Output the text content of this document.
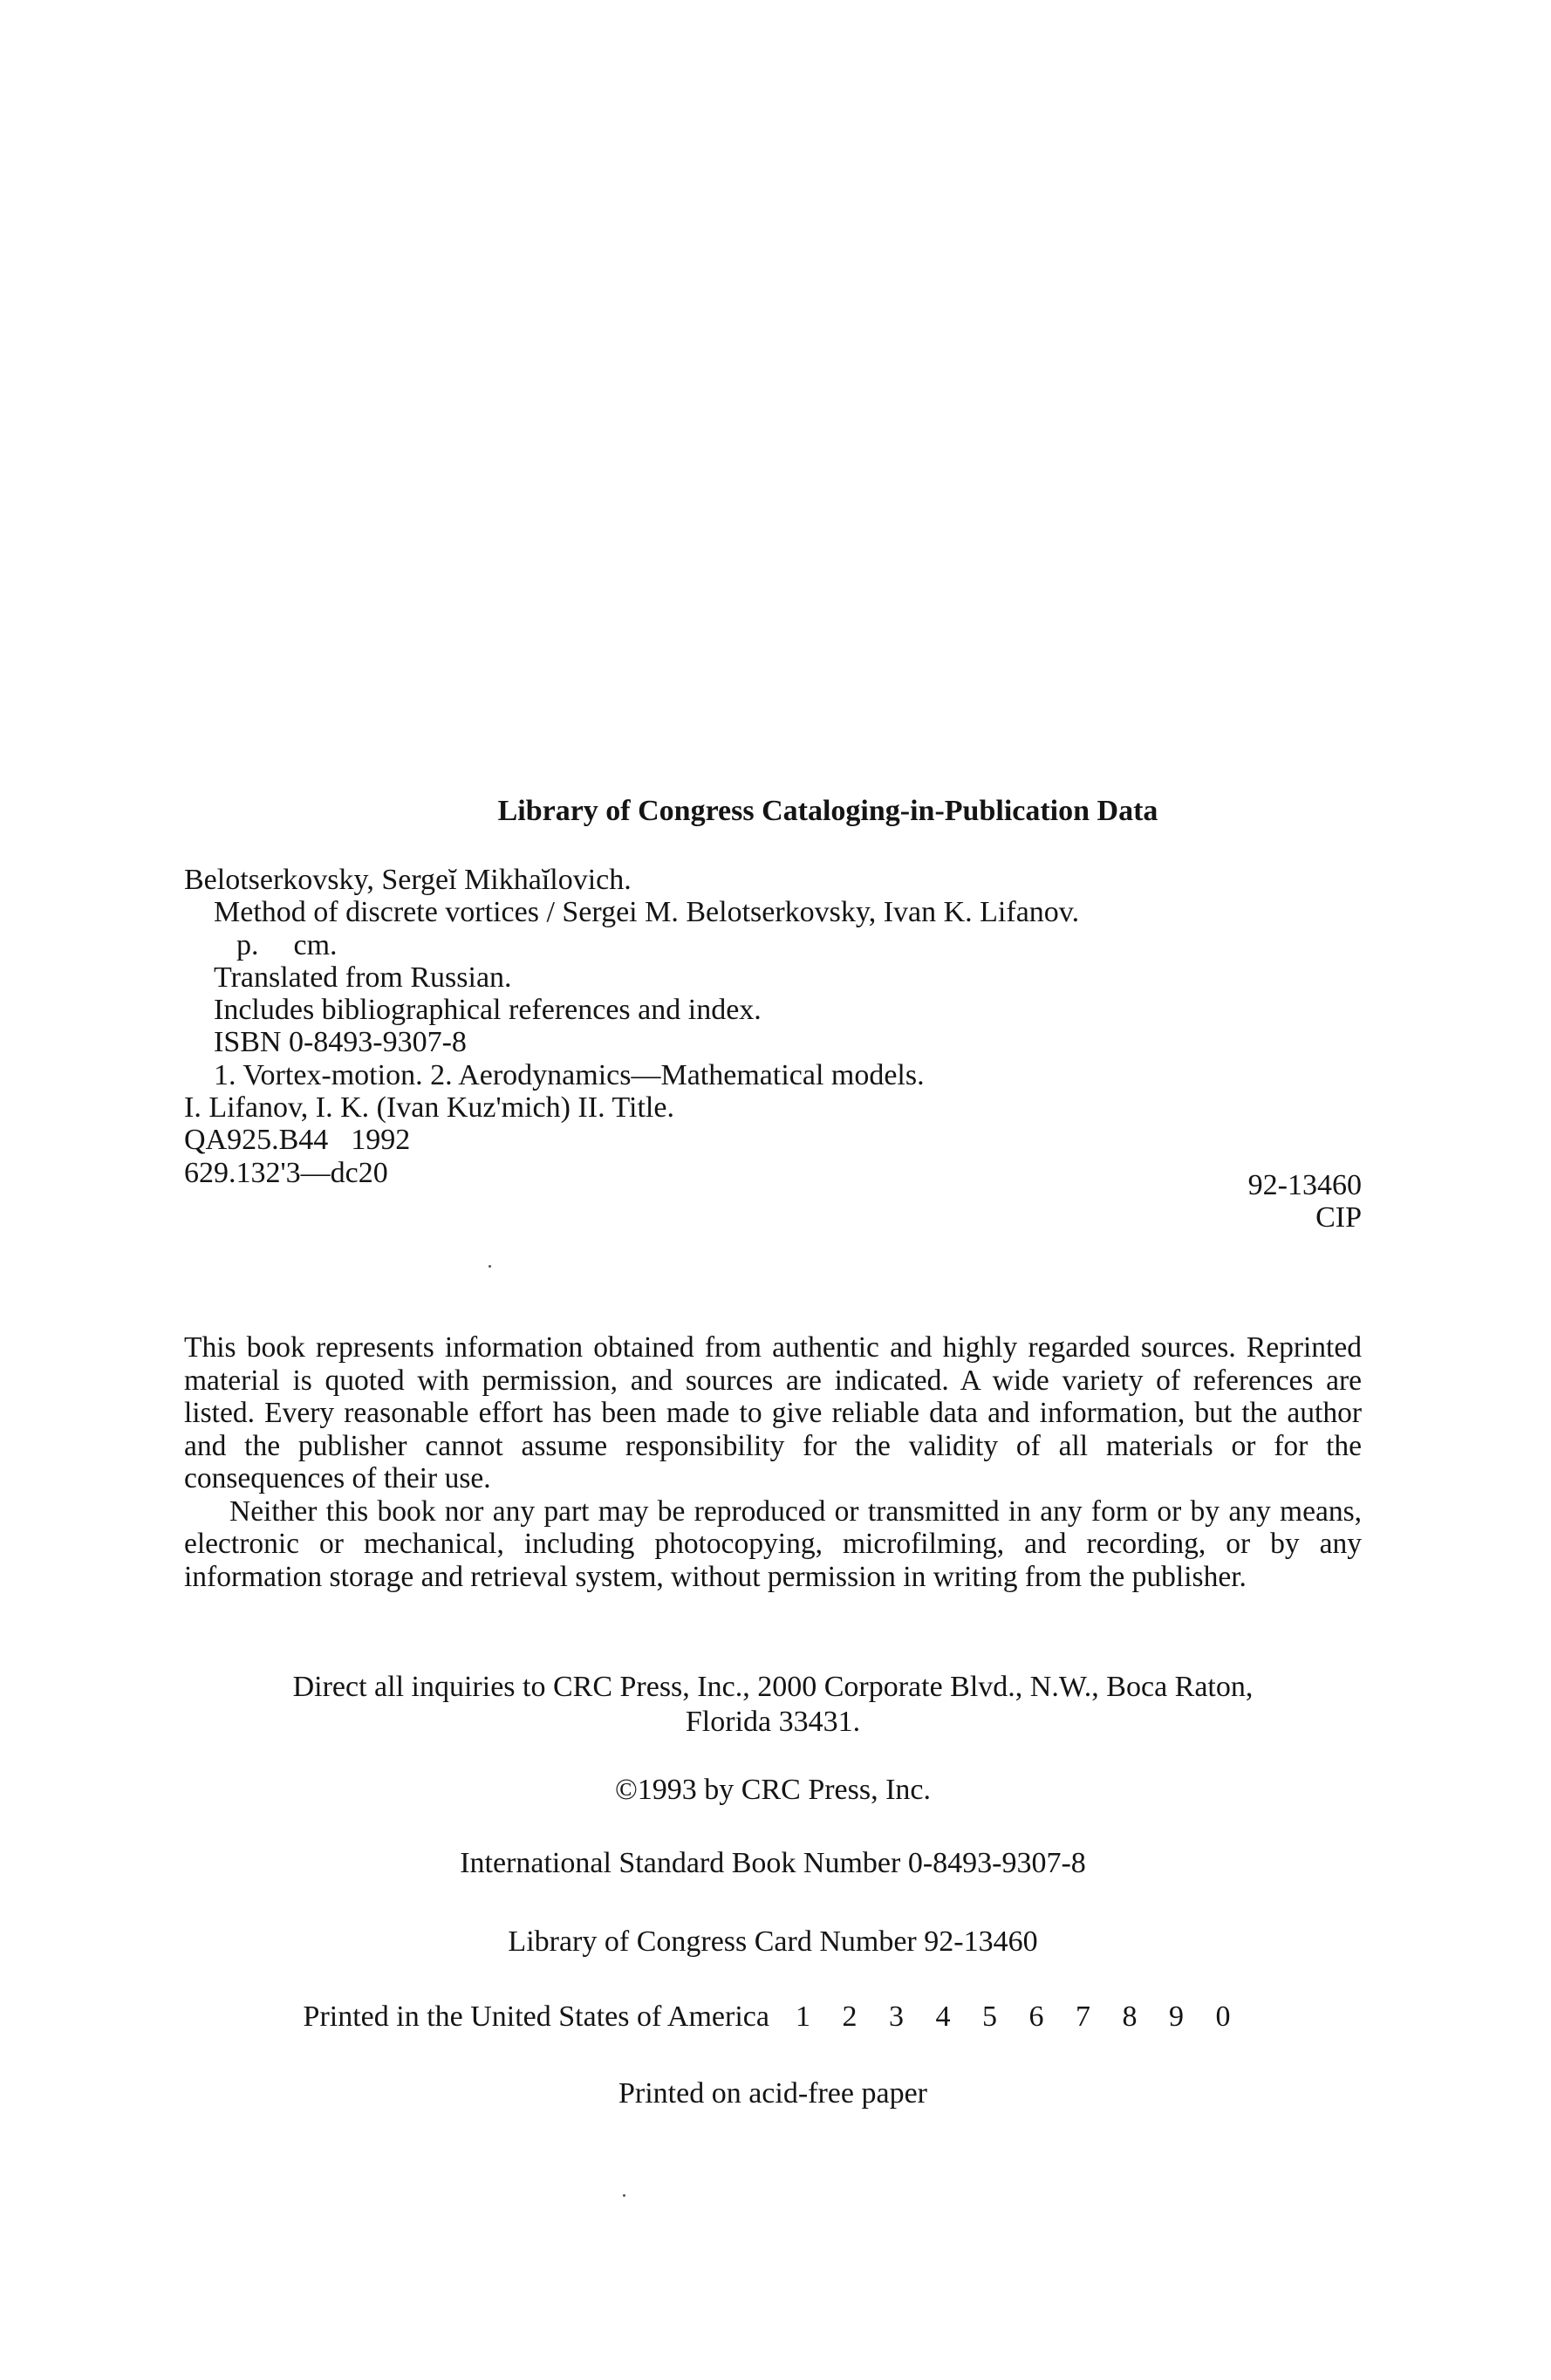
Library of Congress Cataloging-in-Publication Data
Belotserkovsky, Sergeĭ Mikhaĭlovich.
Method of discrete vortices / Sergei M. Belotserkovsky, Ivan K. Lifanov.
p. cm.
Translated from Russian.
Includes bibliographical references and index.
ISBN 0-8493-9307-8
1. Vortex-motion. 2. Aerodynamics—Mathematical models.
I. Lifanov, I. K. (Ivan Kuz'mich) II. Title.
QA925.B44 1992
629.132'3—dc20	92-13460
CIP

This book represents information obtained from authentic and highly regarded sources. Reprinted material is quoted with permission, and sources are indicated. A wide variety of references are listed. Every reasonable effort has been made to give reliable data and information, but the author and the publisher cannot assume responsibility for the validity of all materials or for the consequences of their use.

Neither this book nor any part may be reproduced or transmitted in any form or by any means, electronic or mechanical, including photocopying, microfilming, and recording, or by any information storage and retrieval system, without permission in writing from the publisher.

Direct all inquiries to CRC Press, Inc., 2000 Corporate Blvd., N.W., Boca Raton,
Florida 33431.
©1993 by CRC Press, Inc.
International Standard Book Number 0-8493-9307-8
Library of Congress Card Number 92-13460
Printed in the United States of America 1 2 3 4 5 6 7 8 9 0
Printed on acid-free paper
